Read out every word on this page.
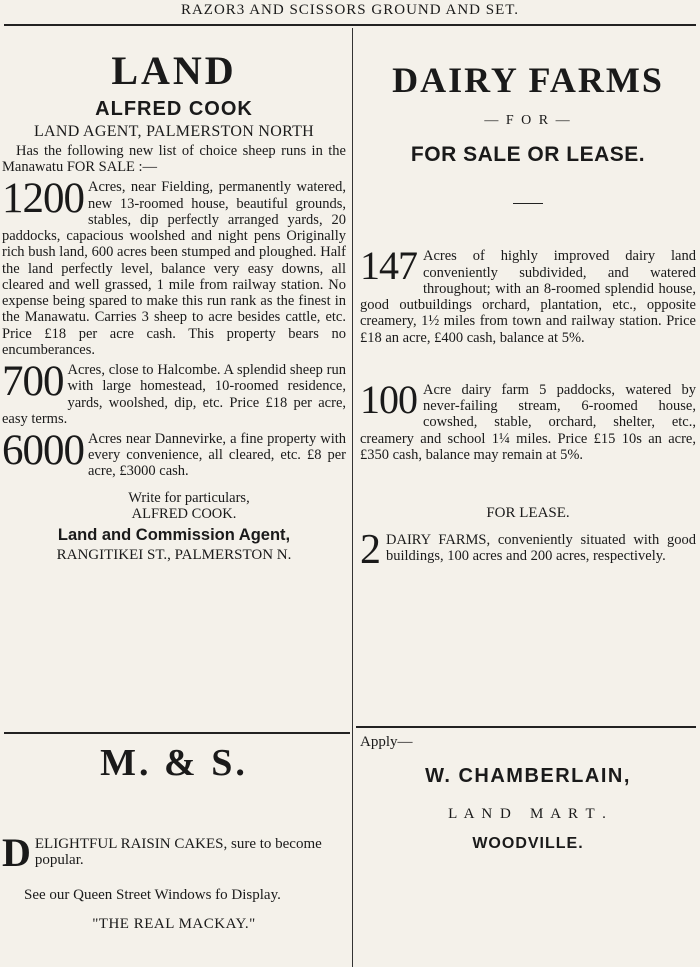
RAZOR3 AND SCISSORS GROUND AND SET.
LAND
ALFRED COOK
LAND AGENT, PALMERSTON NORTH
Has the following new list of choice sheep runs in the Manawatu FOR SALE :—
1200 Acres, near Fielding, permanently watered, new 13-roomed house, beautiful grounds, stables, dip perfectly arranged yards, 20 paddocks, capacious woolshed and night pens Originally rich bush land, 600 acres been stumped and ploughed. Half the land perfectly level, balance very easy downs, all cleared and well grassed, 1 mile from railway station. No expense being spared to make this run rank as the finest in the Manawatu. Carries 3 sheep to acre besides cattle, etc. Price £18 per acre cash. This property bears no encumberances.
700 Acres, close to Halcombe. A splendid sheep run with large homestead, 10-roomed residence, yards, woolshed, dip, etc. Price £18 per acre, easy terms.
6000 Acres near Dannevirke, a fine property with every convenience, all cleared, etc. £8 per acre, £3000 cash.
Write for particulars,
ALFRED COOK.
Land and Commission Agent,
RANGITIKEI ST., PALMERSTON N.
M. & S.
D ELIGHTFUL RAISIN CAKES, sure to become popular.
See our Queen Street Windows fo Display.
"THE REAL MACKAY."
DAIRY FARMS
— F O R —
FOR SALE OR LEASE.
147 Acres of highly improved dairy land conveniently subdivided, and watered throughout; with an 8-roomed splendid house, good outbuildings orchard, plantation, etc., opposite creamery, 1½ miles from town and railway station. Price £18 an acre, £400 cash, balance at 5%.
100 Acre dairy farm 5 paddocks, watered by never-failing stream, 6-roomed house, cowshed, stable, orchard, shelter, etc., creamery and school 1¼ miles. Price £15 10s an acre, £350 cash, balance may remain at 5%.
FOR LEASE.
2 DAIRY FARMS, conveniently situated with good buildings, 100 acres and 200 acres, respectively.
Apply—
W. CHAMBERLAIN,
L A N D   M A R T .
WOODVILLE.
